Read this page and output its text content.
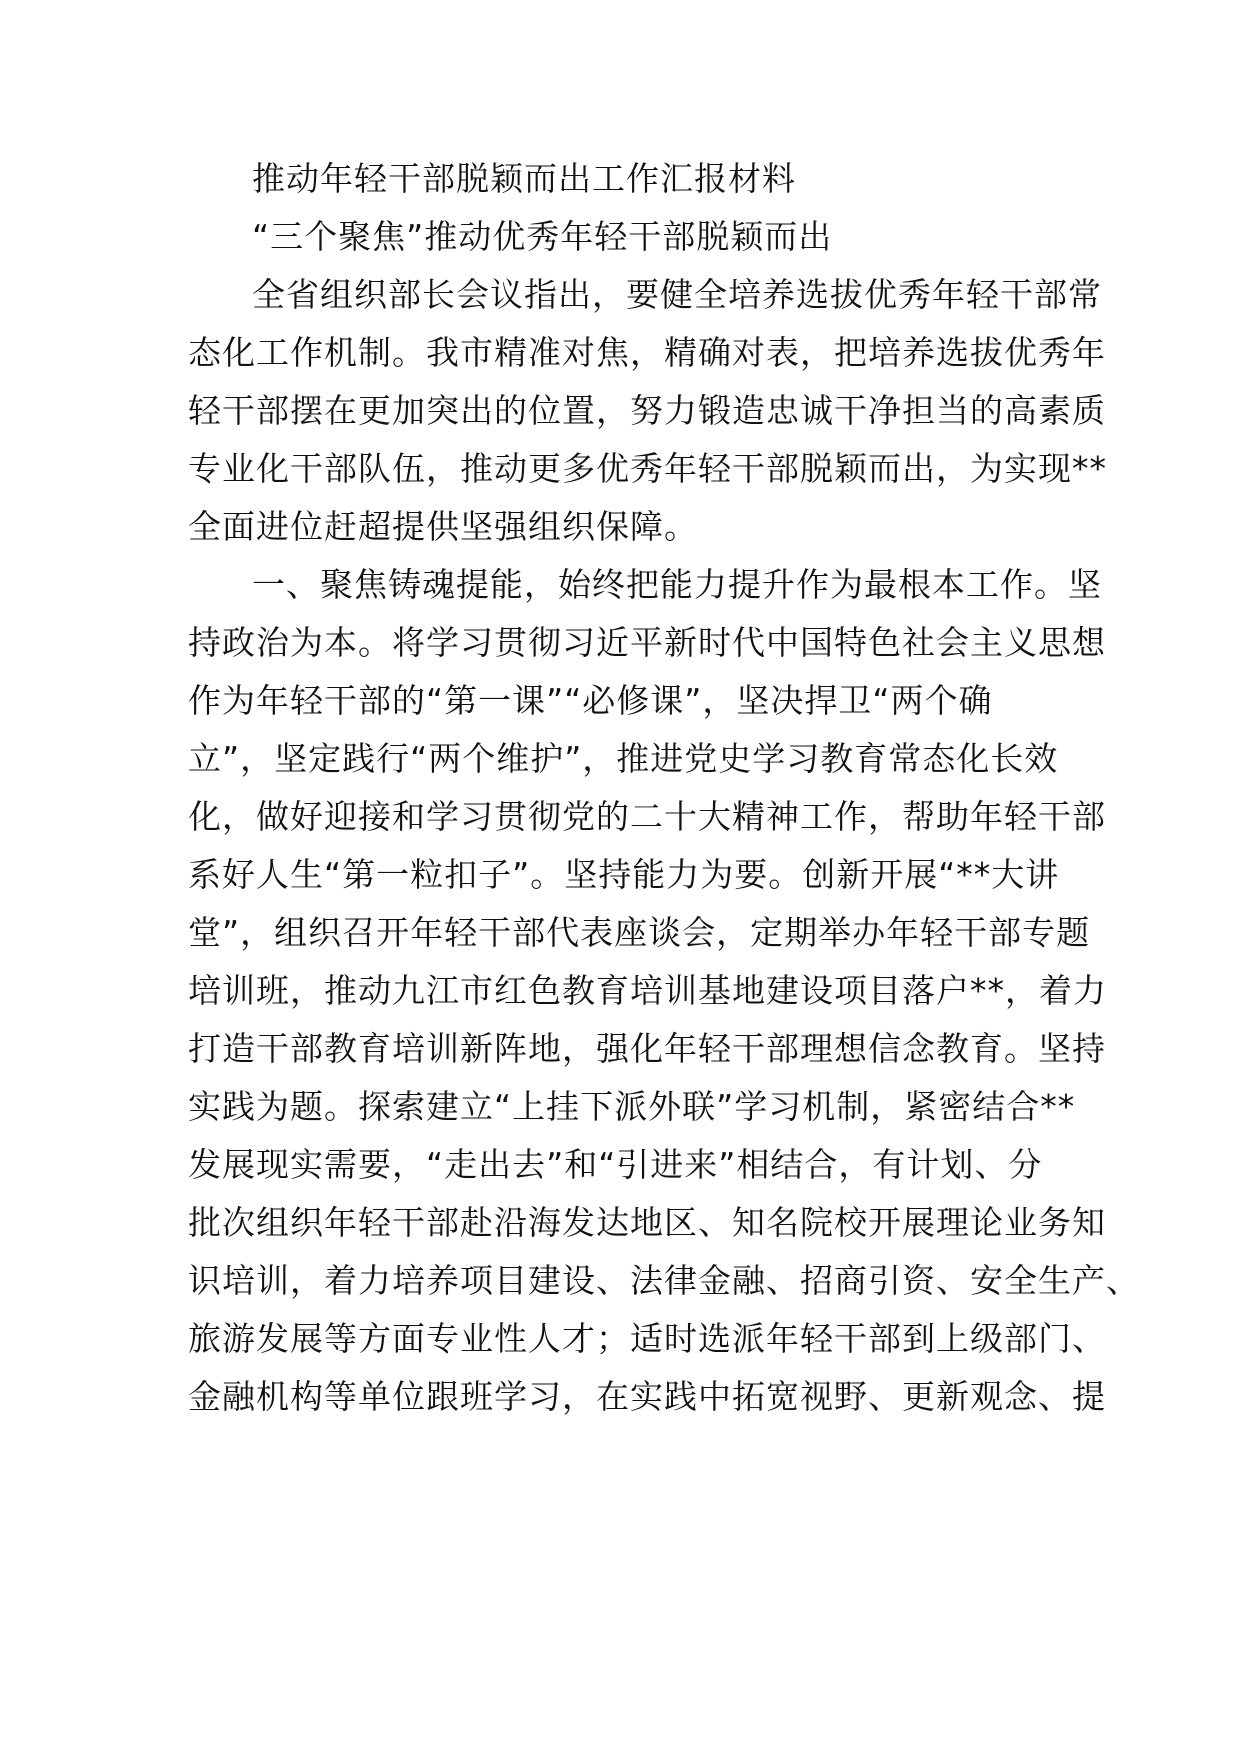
推动年轻干部脱颖而出工作汇报材料
“三个聚焦”推动优秀年轻干部脱颖而出
全省组织部长会议指出，要健全培养选拔优秀年轻干部常
态化工作机制。我市精准对焦，精确对表，把培养选拔优秀年
轻干部摆在更加突出的位置，努力锻造忠诚干净担当的高素质
专业化干部队伍，推动更多优秀年轻干部脱颖而出，为实现**
全面进位赶超提供坚强组织保障。
一、聚焦铸魂提能，始终把能力提升作为最根本工作。坚
持政治为本。将学习贯彻习近平新时代中国特色社会主义思想
作为年轻干部的“第一课”“必修课”，坚决捍卫“两个确
立”，坚定践行“两个维护”，推进党史学习教育常态化长效
化，做好迎接和学习贯彻党的二十大精神工作，帮助年轻干部
系好人生“第一粒扣子”。坚持能力为要。创新开展“**大讲
堂”，组织召开年轻干部代表座谈会，定期举办年轻干部专题
培训班，推动九江市红色教育培训基地建设项目落户**，着力
打造干部教育培训新阵地，强化年轻干部理想信念教育。坚持
实践为题。探索建立“上挂下派外联”学习机制，紧密结合**
发展现实需要，“走出去”和“引进来”相结合，有计划、分
批次组织年轻干部赴沿海发达地区、知名院校开展理论业务知
识培训，着力培养项目建设、法律金融、招商引资、安全生产、
旅游发展等方面专业性人才；适时选派年轻干部到上级部门、
金融机构等单位跟班学习，在实践中拓宽视野、更新观念、提
